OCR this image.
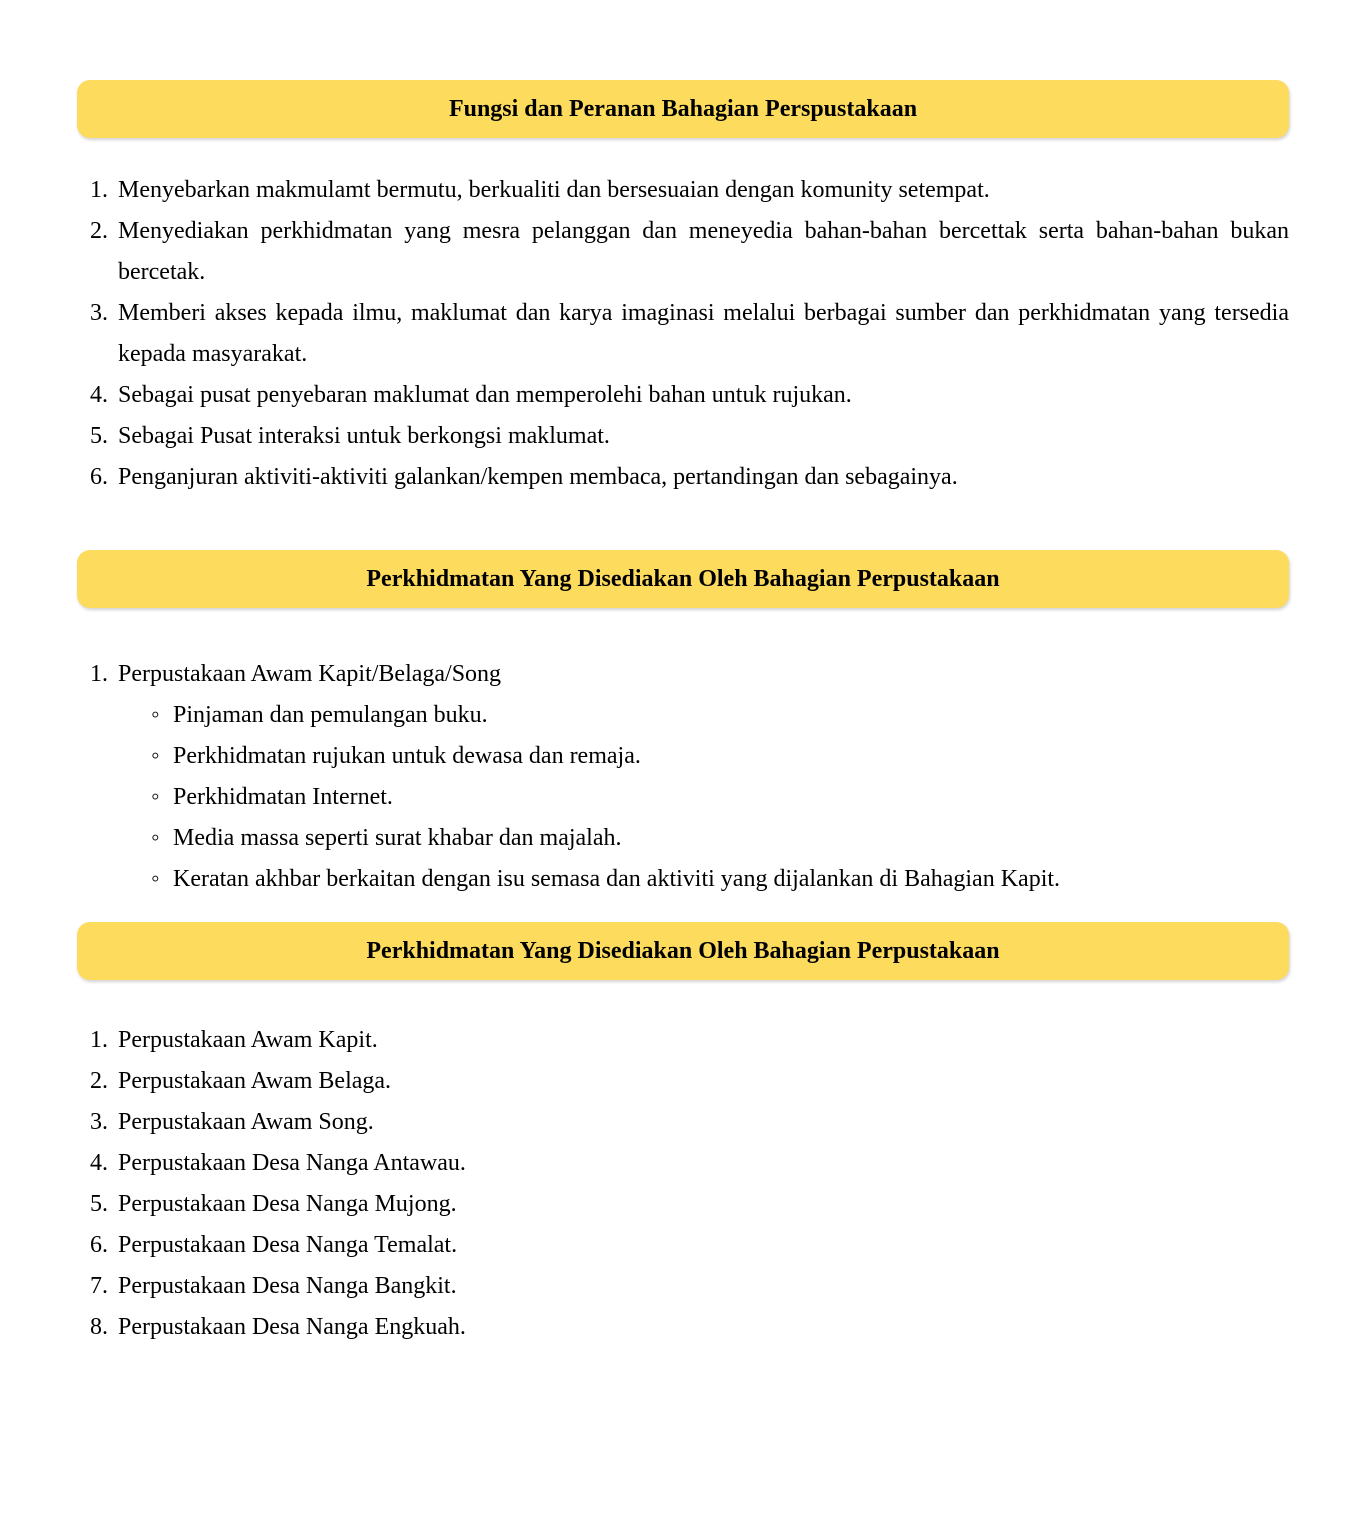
Fungsi dan Peranan Bahagian Perspustakaan
Menyebarkan makmulamt bermutu, berkualiti dan bersesuaian dengan komunity setempat.
Menyediakan perkhidmatan yang mesra pelanggan dan meneyedia bahan-bahan bercettak serta bahan-bahan bukan bercetak.
Memberi akses kepada ilmu, maklumat dan karya imaginasi melalui berbagai sumber dan perkhidmatan yang tersedia kepada masyarakat.
Sebagai pusat penyebaran maklumat dan memperolehi bahan untuk rujukan.
Sebagai Pusat interaksi untuk berkongsi maklumat.
Penganjuran aktiviti-aktiviti galankan/kempen membaca, pertandingan dan sebagainya.
Perkhidmatan Yang Disediakan Oleh Bahagian Perpustakaan
Perpustakaan Awam Kapit/Belaga/Song
◦ Pinjaman dan pemulangan buku.
◦ Perkhidmatan rujukan untuk dewasa dan remaja.
◦ Perkhidmatan Internet.
◦ Media massa seperti surat khabar dan majalah.
◦ Keratan akhbar berkaitan dengan isu semasa dan aktiviti yang dijalankan di Bahagian Kapit.
Perkhidmatan Yang Disediakan Oleh Bahagian Perpustakaan
Perpustakaan Awam Kapit.
Perpustakaan Awam Belaga.
Perpustakaan Awam Song.
Perpustakaan Desa Nanga Antawau.
Perpustakaan Desa Nanga Mujong.
Perpustakaan Desa Nanga Temalat.
Perpustakaan Desa Nanga Bangkit.
Perpustakaan Desa Nanga Engkuah.
